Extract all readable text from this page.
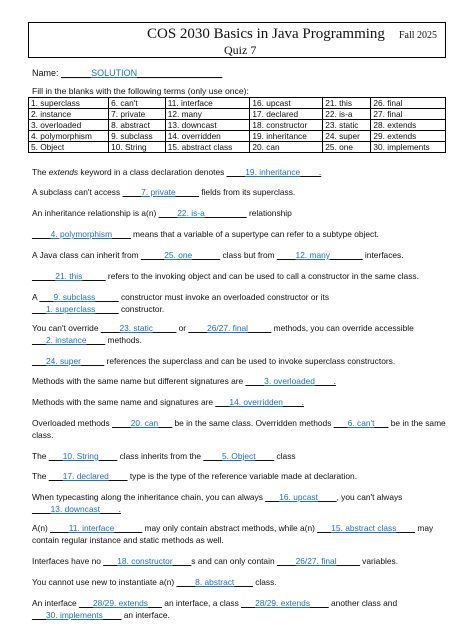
COS 2030 Basics in Java Programming Fall 2025
Quiz 7
Name: ______SOLUTION_________________
Fill in the blanks with the following terms (only use once):
1. superclass	6. can't	11. interface	16. upcast	21. this	26. final
2. instance	7. private	12. many	17. declared	22. is-a	27. final
3. overloaded	8. abstract	13. downcast	18. constructor	23. static	28. extends
4. polymorphism	9. subclass	14. overridden	19. inheritance	24. super	29. extends
5. Object	10. String	15. abstract class	20. can	25. one	30. implements
The extends keyword in a class declaration denotes ____19. inheritance____.
A subclass can't access ____7. private_____ fields from its superclass.
An inheritance relationship is a(n) ____22. is-a_________ relationship
____4. polymorphism____ means that a variable of a supertype can refer to a subtype object.
A Java class can inherit from _____25. one______ class but from ____12. many_______ interfaces.
_____21. this_____ refers to the invoking object and can be used to call a constructor in the same class.
A ___9. subclass_____ constructor must invoke an overloaded constructor or its
___1. superclass_____ constructor.
You can't override ____23. static_____ or ____26/27. final_____ methods, you can override accessible
___2. instance____ methods.
___24. super_____ references the superclass and can be used to invoke superclass constructors.
Methods with the same name but different signatures are ____3. overloaded____.
Methods with the same name and signatures are ___14. overridden____.
Overloaded methods ____20. can___ be in the same class. Overridden methods ___6. can't___ be in the same class.
The ___10. String____ class inherits from the ____5. Object____ class
The ___17. declared____ type is the type of the reference variable made at declaration.
When typecasting along the inheritance chain, you can always ___16. upcast____, you can't always
____13. downcast____.
A(n) ____11. interface______ may only contain abstract methods, while a(n) ___15. abstract class____ may contain regular instance and static methods as well.
Interfaces have no ___18. constructor____s and can only contain ____26/27. final_____ variables.
You cannot use new to instantiate a(n) ____8. abstract____ class.
An interface ___28/29. extends___ an interface, a class ___28/29. extends____ another class and
___30. implements____ an interface.
